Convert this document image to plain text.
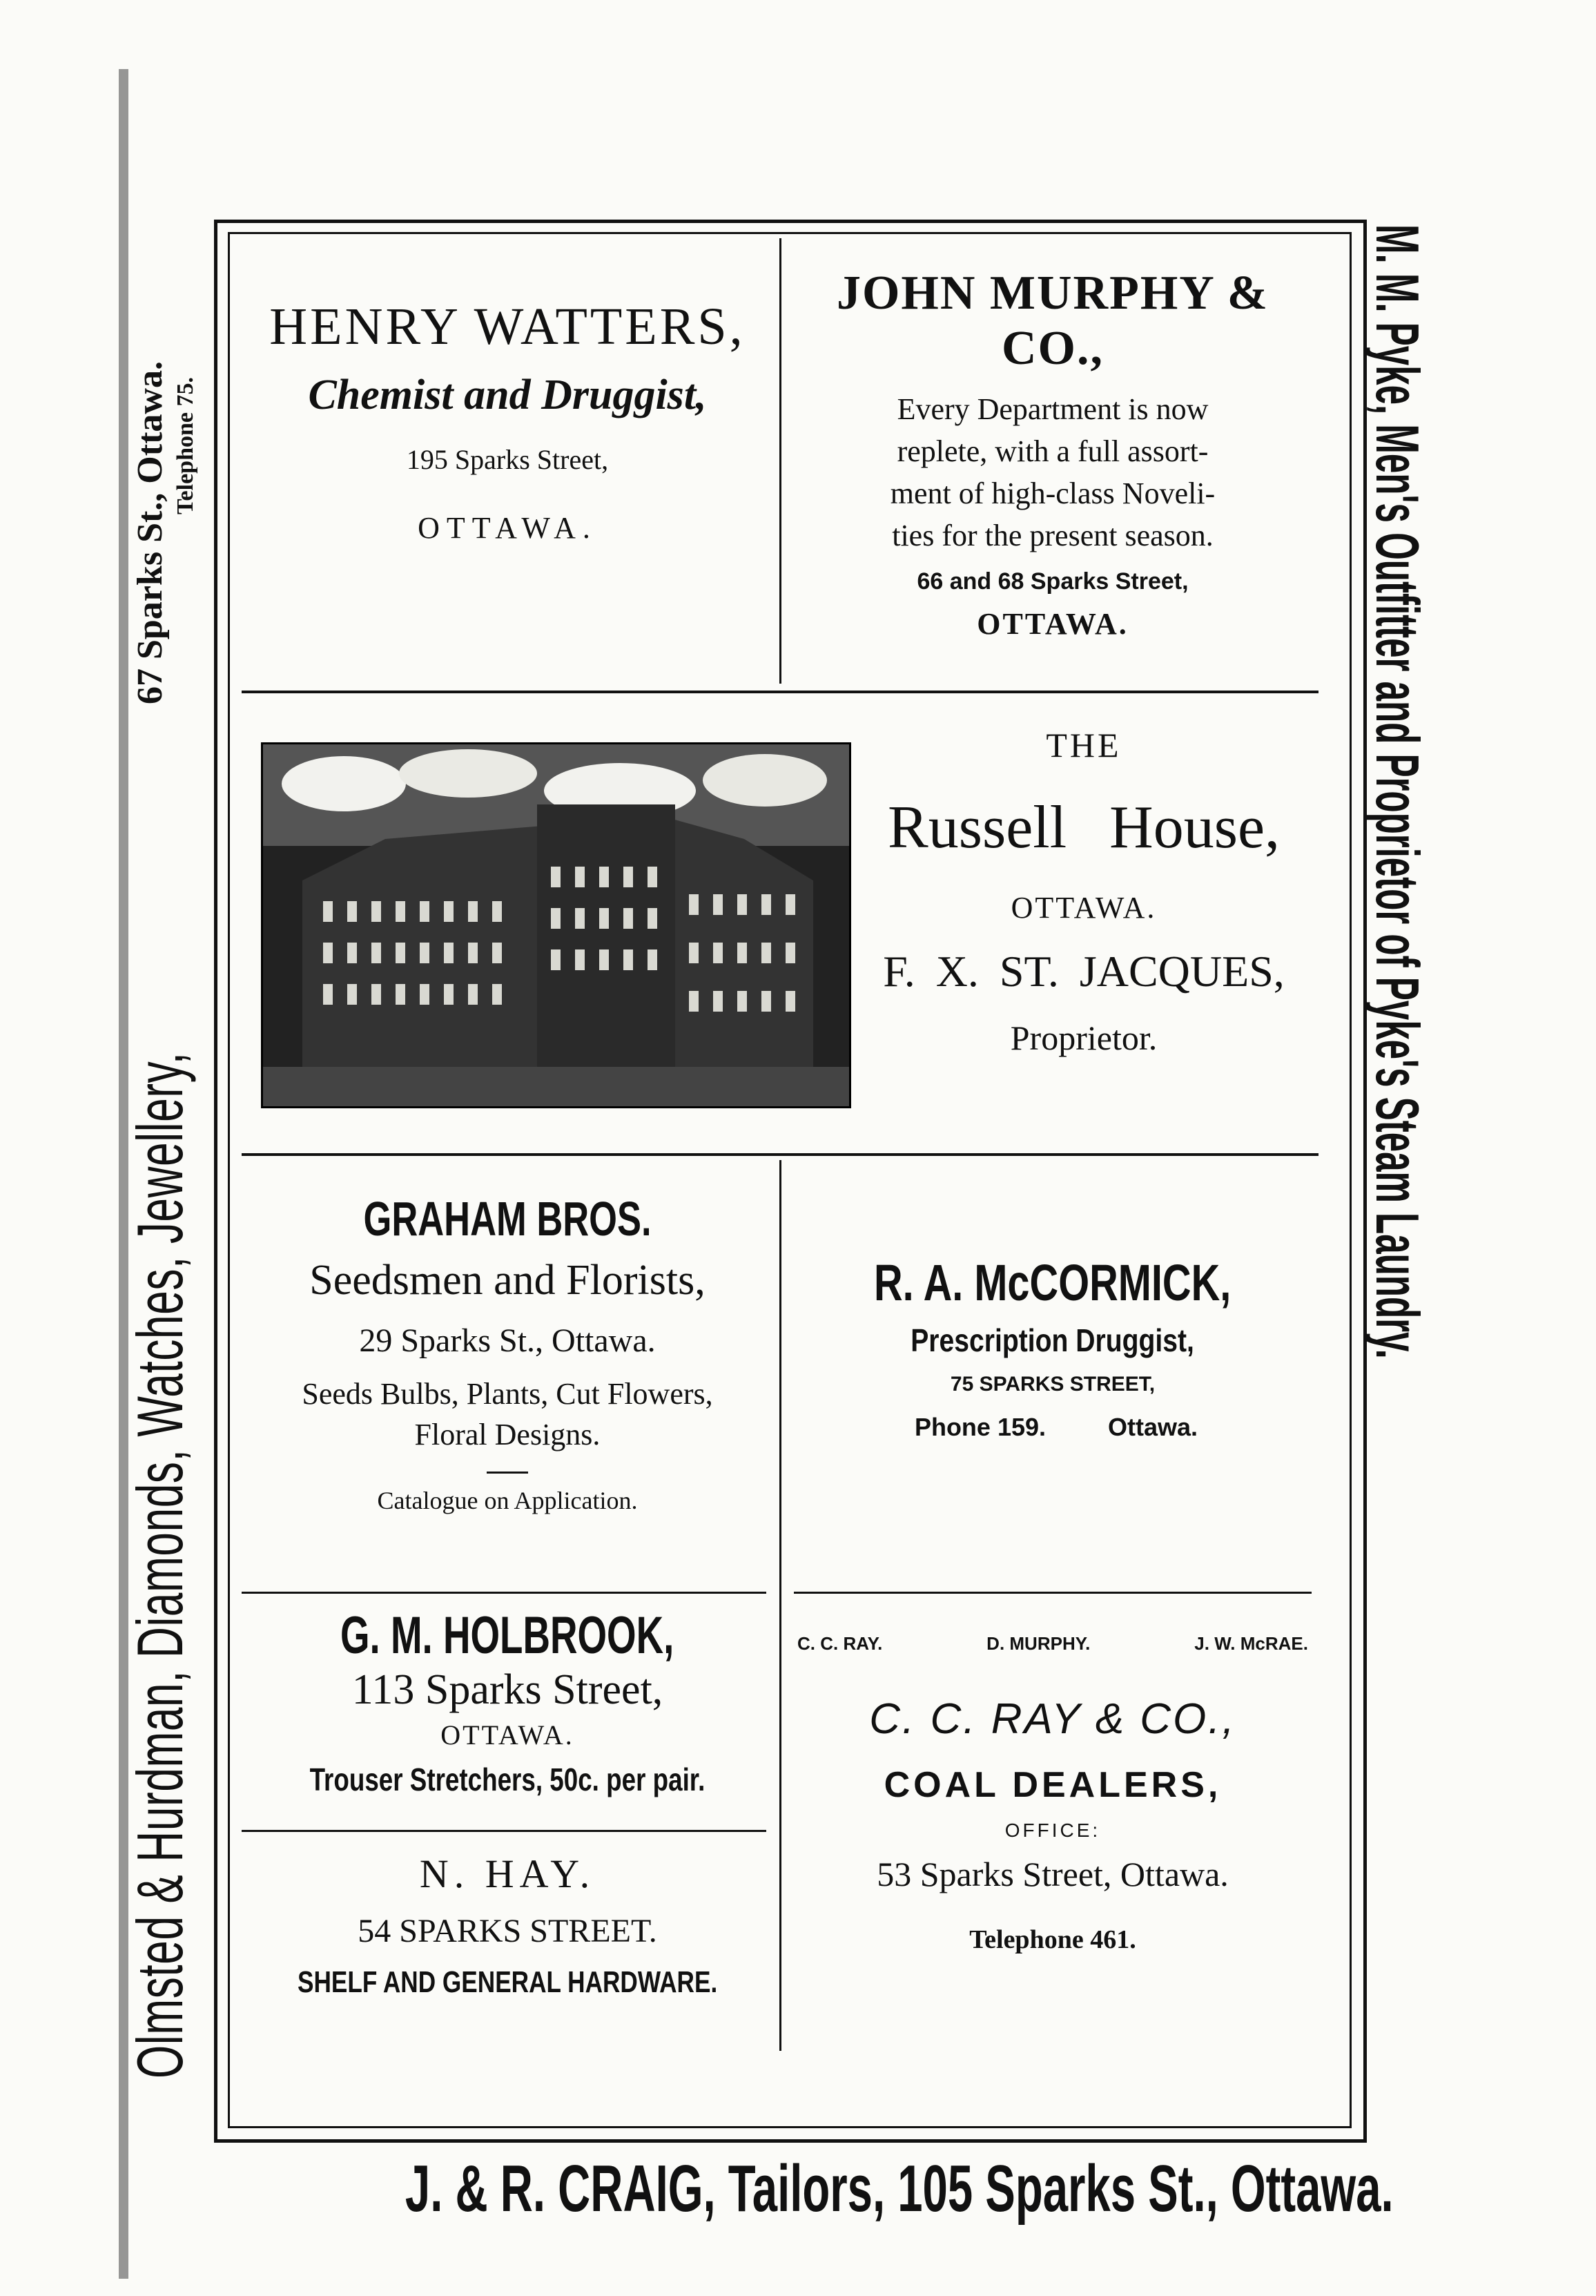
Olmsted & Hurdman, Diamonds, Watches, Jewellery,
67 Sparks St., Ottawa. Telephone 75.	M. M. Pyke, Men's Outfitter and Proprietor of Pyke's Steam Laundry.
HENRY WATTERS,
Chemist and Druggist,
195 Sparks Street,
OTTAWA.
JOHN MURPHY & CO.,
Every Department is now
replete, with a full assort-
ment of high-class Noveli-
ties for the present season.
66 and 68 Sparks Street,
OTTAWA.
THE
Russell House,
OTTAWA.
F. X. ST. JACQUES,
Proprietor.
GRAHAM BROS.
Seedsmen and Florists,
29 Sparks St., Ottawa.
Seeds Bulbs, Plants, Cut Flowers,
Floral Designs.
Catalogue on Application.
R. A. McCORMICK, Prescription Druggist,
75 SPARKS STREET,
Phone 159. Ottawa.
G. M. HOLBROOK,
113 Sparks Street,
OTTAWA.
Trouser Stretchers, 50c. per pair.
N. HAY.
54 SPARKS STREET.
SHELF AND GENERAL HARDWARE.
C. C. RAY.	D. MURPHY.	J. W. McRAE.
C. C. RAY & CO.,
COAL DEALERS,
OFFICE:
53 Sparks Street, Ottawa.
Telephone 461.
J. & R. CRAIG, Tailors, 105 Sparks St., Ottawa.
